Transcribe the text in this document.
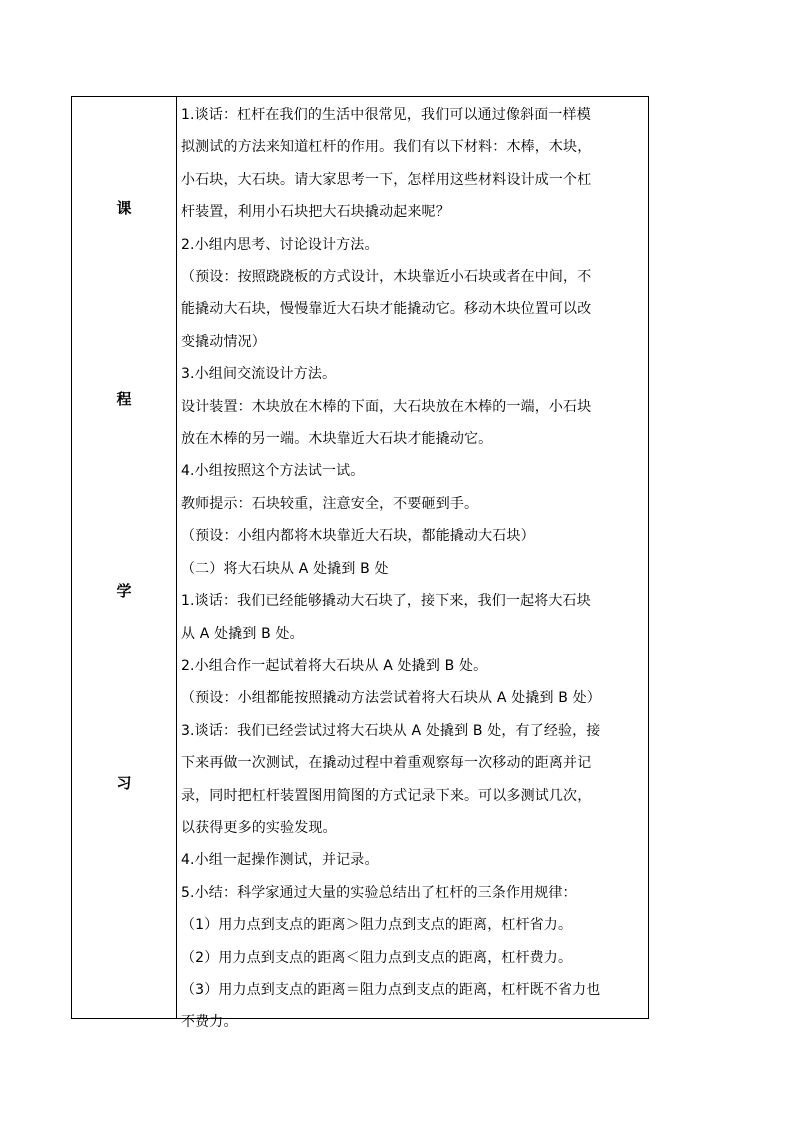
课
程
学
习
1.谈话：杠杆在我们的生活中很常见，我们可以通过像斜面一样模
拟测试的方法来知道杠杆的作用。我们有以下材料：木棒，木块，
小石块，大石块。请大家思考一下，怎样用这些材料设计成一个杠
杆装置，利用小石块把大石块撬动起来呢？
2.小组内思考、讨论设计方法。
（预设：按照跷跷板的方式设计，木块靠近小石块或者在中间，不
能撬动大石块，慢慢靠近大石块才能撬动它。移动木块位置可以改
变撬动情况）
3.小组间交流设计方法。
设计装置：木块放在木棒的下面，大石块放在木棒的一端，小石块
放在木棒的另一端。木块靠近大石块才能撬动它。
4.小组按照这个方法试一试。
教师提示：石块较重，注意安全，不要砸到手。
（预设：小组内都将木块靠近大石块，都能撬动大石块）
（二）将大石块从 A 处撬到 B 处
1.谈话：我们已经能够撬动大石块了，接下来，我们一起将大石块
从 A 处撬到 B 处。
2.小组合作一起试着将大石块从 A 处撬到 B 处。
（预设：小组都能按照撬动方法尝试着将大石块从 A 处撬到 B 处）
3.谈话：我们已经尝试过将大石块从 A 处撬到 B 处，有了经验，接
下来再做一次测试，在撬动过程中着重观察每一次移动的距离并记
录，同时把杠杆装置图用简图的方式记录下来。可以多测试几次，
以获得更多的实验发现。
4.小组一起操作测试，并记录。
5.小结：科学家通过大量的实验总结出了杠杆的三条作用规律：
（1）用力点到支点的距离＞阻力点到支点的距离，杠杆省力。
（2）用力点到支点的距离＜阻力点到支点的距离，杠杆费力。
（3）用力点到支点的距离＝阻力点到支点的距离，杠杆既不省力也
不费力。
